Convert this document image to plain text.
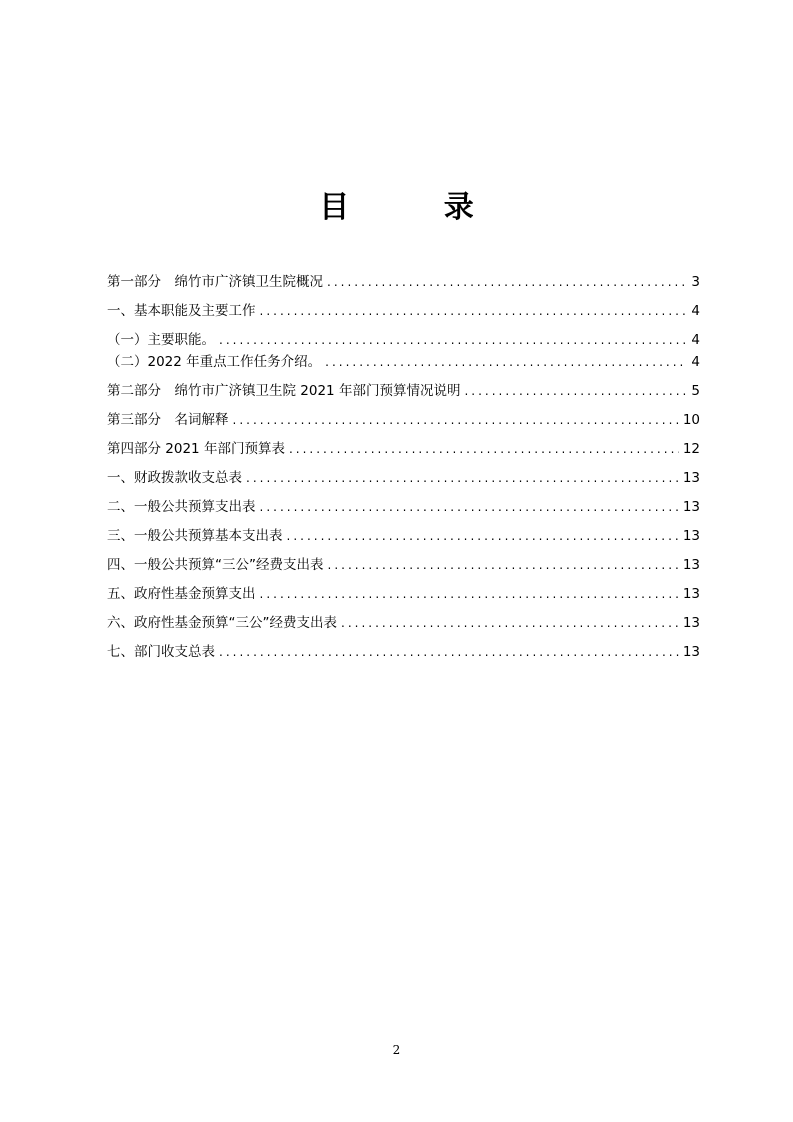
目 录
第一部分　绵竹市广济镇卫生院概况 .....	3
一、基本职能及主要工作 .....	4
（一）主要职能。 .....	4
（二）2022 年重点工作任务介绍。 .....	4
第二部分　绵竹市广济镇卫生院 2021 年部门预算情况说明 .....	5
第三部分　名词解释 .....	10
第四部分 2021 年部门预算表 .....	12
一、财政拨款收支总表 .....	13
二、一般公共预算支出表 .....	13
三、一般公共预算基本支出表 .....	13
四、一般公共预算“三公”经费支出表 .....	13
五、政府性基金预算支出 .....	13
六、政府性基金预算“三公”经费支出表 .....	13
七、部门收支总表 .....	13
2
